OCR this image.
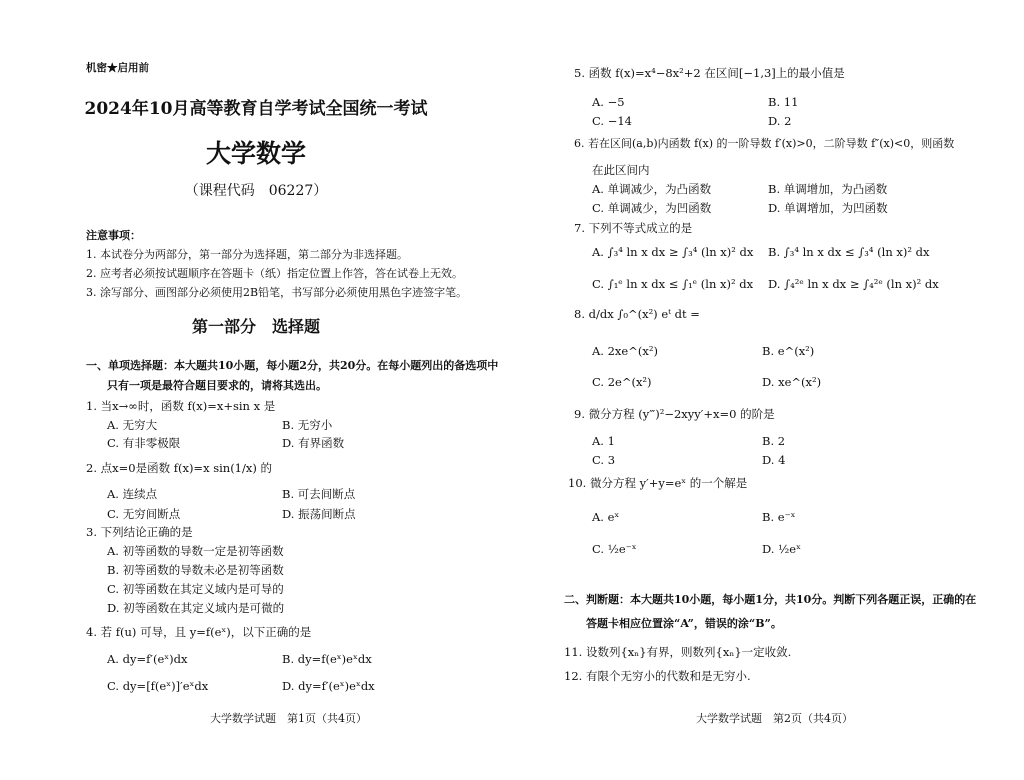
机密★启用前
2024年10月高等教育自学考试全国统一考试
大学数学
（课程代码　06227）
注意事项：
1. 本试卷分为两部分，第一部分为选择题，第二部分为非选择题。
2. 应考者必须按试题顺序在答题卡（纸）指定位置上作答，答在试卷上无效。
3. 涂写部分、画图部分必须使用2B铅笔，书写部分必须使用黑色字迹签字笔。
第一部分　选择题
一、单项选择题：本大题共10小题，每小题2分，共20分。在每小题列出的备选项中
只有一项是最符合题目要求的，请将其选出。
1. 当x→∞时，函数 f(x)=x+sin x 是
A. 无穷大	B. 无穷小
C. 有非零极限	D. 有界函数
2. 点x=0是函数 f(x)=x sin(1/x) 的
A. 连续点	B. 可去间断点
C. 无穷间断点	D. 振荡间断点
3. 下列结论正确的是
A. 初等函数的导数一定是初等函数
B. 初等函数的导数未必是初等函数
C. 初等函数在其定义域内是可导的
D. 初等函数在其定义域内是可微的
4. 若 f(u) 可导，且 y=f(eˣ)，以下正确的是
A. dy=f′(eˣ)dx	B. dy=f(eˣ)eˣdx
C. dy=[f(eˣ)]′eˣdx	D. dy=f′(eˣ)eˣdx
大学数学试题　第1页（共4页）
5. 函数 f(x)=x⁴−8x²+2 在区间[−1,3]上的最小值是
A. −5	B. 11
C. −14	D. 2
6. 若在区间(a,b)内函数 f(x) 的一阶导数 f′(x)>0，二阶导数 f″(x)<0，则函数
在此区间内
A. 单调减少，为凸函数	B. 单调增加，为凸函数
C. 单调减少，为凹函数	D. 单调增加，为凹函数
7. 下列不等式成立的是
A. ∫₃⁴ ln x dx ≥ ∫₃⁴ (ln x)² dx B. ∫₃⁴ ln x dx ≤ ∫₃⁴ (ln x)² dx
C. ∫₁ᵉ ln x dx ≤ ∫₁ᵉ (ln x)² dx D. ∫₄²ᵉ ln x dx ≥ ∫₄²ᵉ (ln x)² dx
8. d/dx ∫₀^(x²) eᵗ dt =
A. 2xe^(x²)	B. e^(x²)
C. 2e^(x²)	D. xe^(x²)
9. 微分方程 (y‴)²−2xyy′+x=0 的阶是
A. 1	B. 2
C. 3	D. 4
10. 微分方程 y′+y=eˣ 的一个解是
A. eˣ	B. e⁻ˣ
C. ½e⁻ˣ	D. ½eˣ
二、判断题：本大题共10小题，每小题1分，共10分。判断下列各题正误，正确的在
答题卡相应位置涂“A”，错误的涂“B”。
11. 设数列{xₙ}有界，则数列{xₙ}一定收敛.
12. 有限个无穷小的代数和是无穷小.
大学数学试题　第2页（共4页）
